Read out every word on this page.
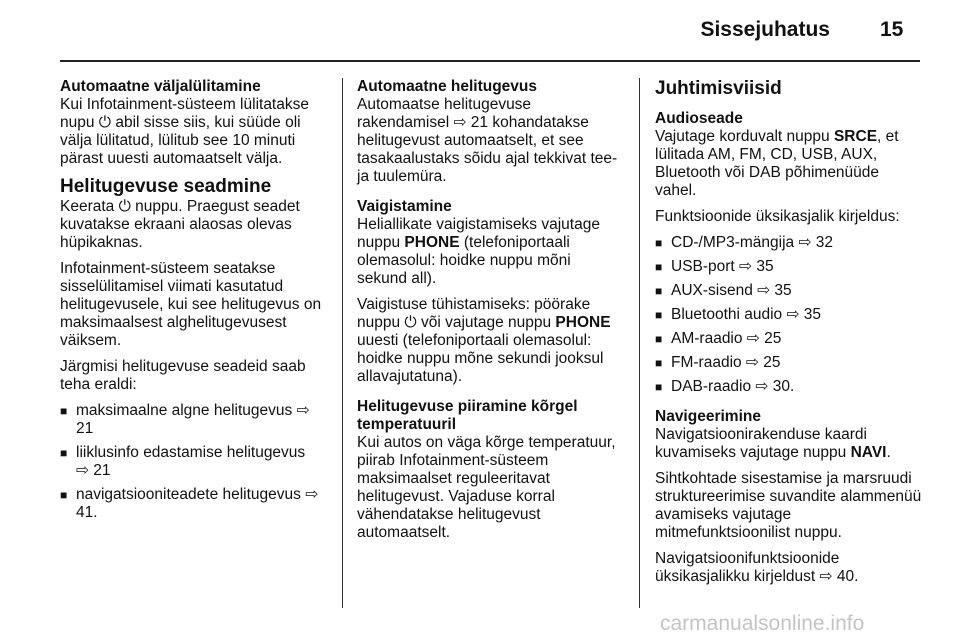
Sissejuhatus 15

Automaatne väljalülitamine

Kui Infotainment-süsteem lülitatakse nupu ⏻ abil sisse siis, kui süüde oli välja lülitatud, lülitub see 10 minuti pärast uuesti automaatselt välja.

Helitugevuse seadmine

Keerata ⏻ nuppu. Praegust seadet kuvatakse ekraani alaosas olevas hüpikaknas.

Infotainment-süsteem seatakse sisselülitamisel viimati kasutatud helitugevusele, kui see helitugevus on maksimaalsest alghelitugevusest väiksem.

Järgmisi helitugevuse seadeid saab teha eraldi:

■ maksimaalne algne helitugevus ⇨ 21
■ liiklusinfo edastamise helitugevus ⇨ 21
■ navigatsiooniteadete helitugevus ⇨ 41.

Automaatne helitugevus

Automaatse helitugevuse rakendamisel ⇨ 21 kohandatakse helitugevust automaatselt, et see tasakaalustaks sõidu ajal tekkivat tee- ja tuulemüra.

Vaigistamine

Heliallikate vaigistamiseks vajutage nuppu PHONE (telefoniportaali olemasolul: hoidke nuppu mõni sekund all).

Vaigistuse tühistamiseks: pöörake nuppu ⏻ või vajutage nuppu PHONE uuesti (telefoniportaali olemasolul: hoidke nuppu mõne sekundi jooksul allavajutatuna).

Helitugevuse piiramine kõrgel temperatuuril

Kui autos on väga kõrge temperatuur, piirab Infotainment-süsteem maksimaalset reguleeritavat helitugevust. Vajaduse korral vähendatakse helitugevust automaatselt.

Juhtimisviisid

Audioseade

Vajutage korduvalt nuppu SRCE, et lülitada AM, FM, CD, USB, AUX, Bluetooth või DAB põhimenüüde vahel.

Funktsioonide üksikasjalik kirjeldus:

■ CD-/MP3-mängija ⇨ 32
■ USB-port ⇨ 35
■ AUX-sisend ⇨ 35
■ Bluetoothi audio ⇨ 35
■ AM-raadio ⇨ 25
■ FM-raadio ⇨ 25
■ DAB-raadio ⇨ 30.

Navigeerimine

Navigatsioonirakenduse kaardi kuvamiseks vajutage nuppu NAVI.

Sihtkohtade sisestamise ja marsruudi struktureerimise suvandite alammenüü avamiseks vajutage mitmefunktsioonilist nuppu.

Navigatsioonifunktsioonide üksikasjalikku kirjeldust ⇨ 40.

carmanualsonline.info
